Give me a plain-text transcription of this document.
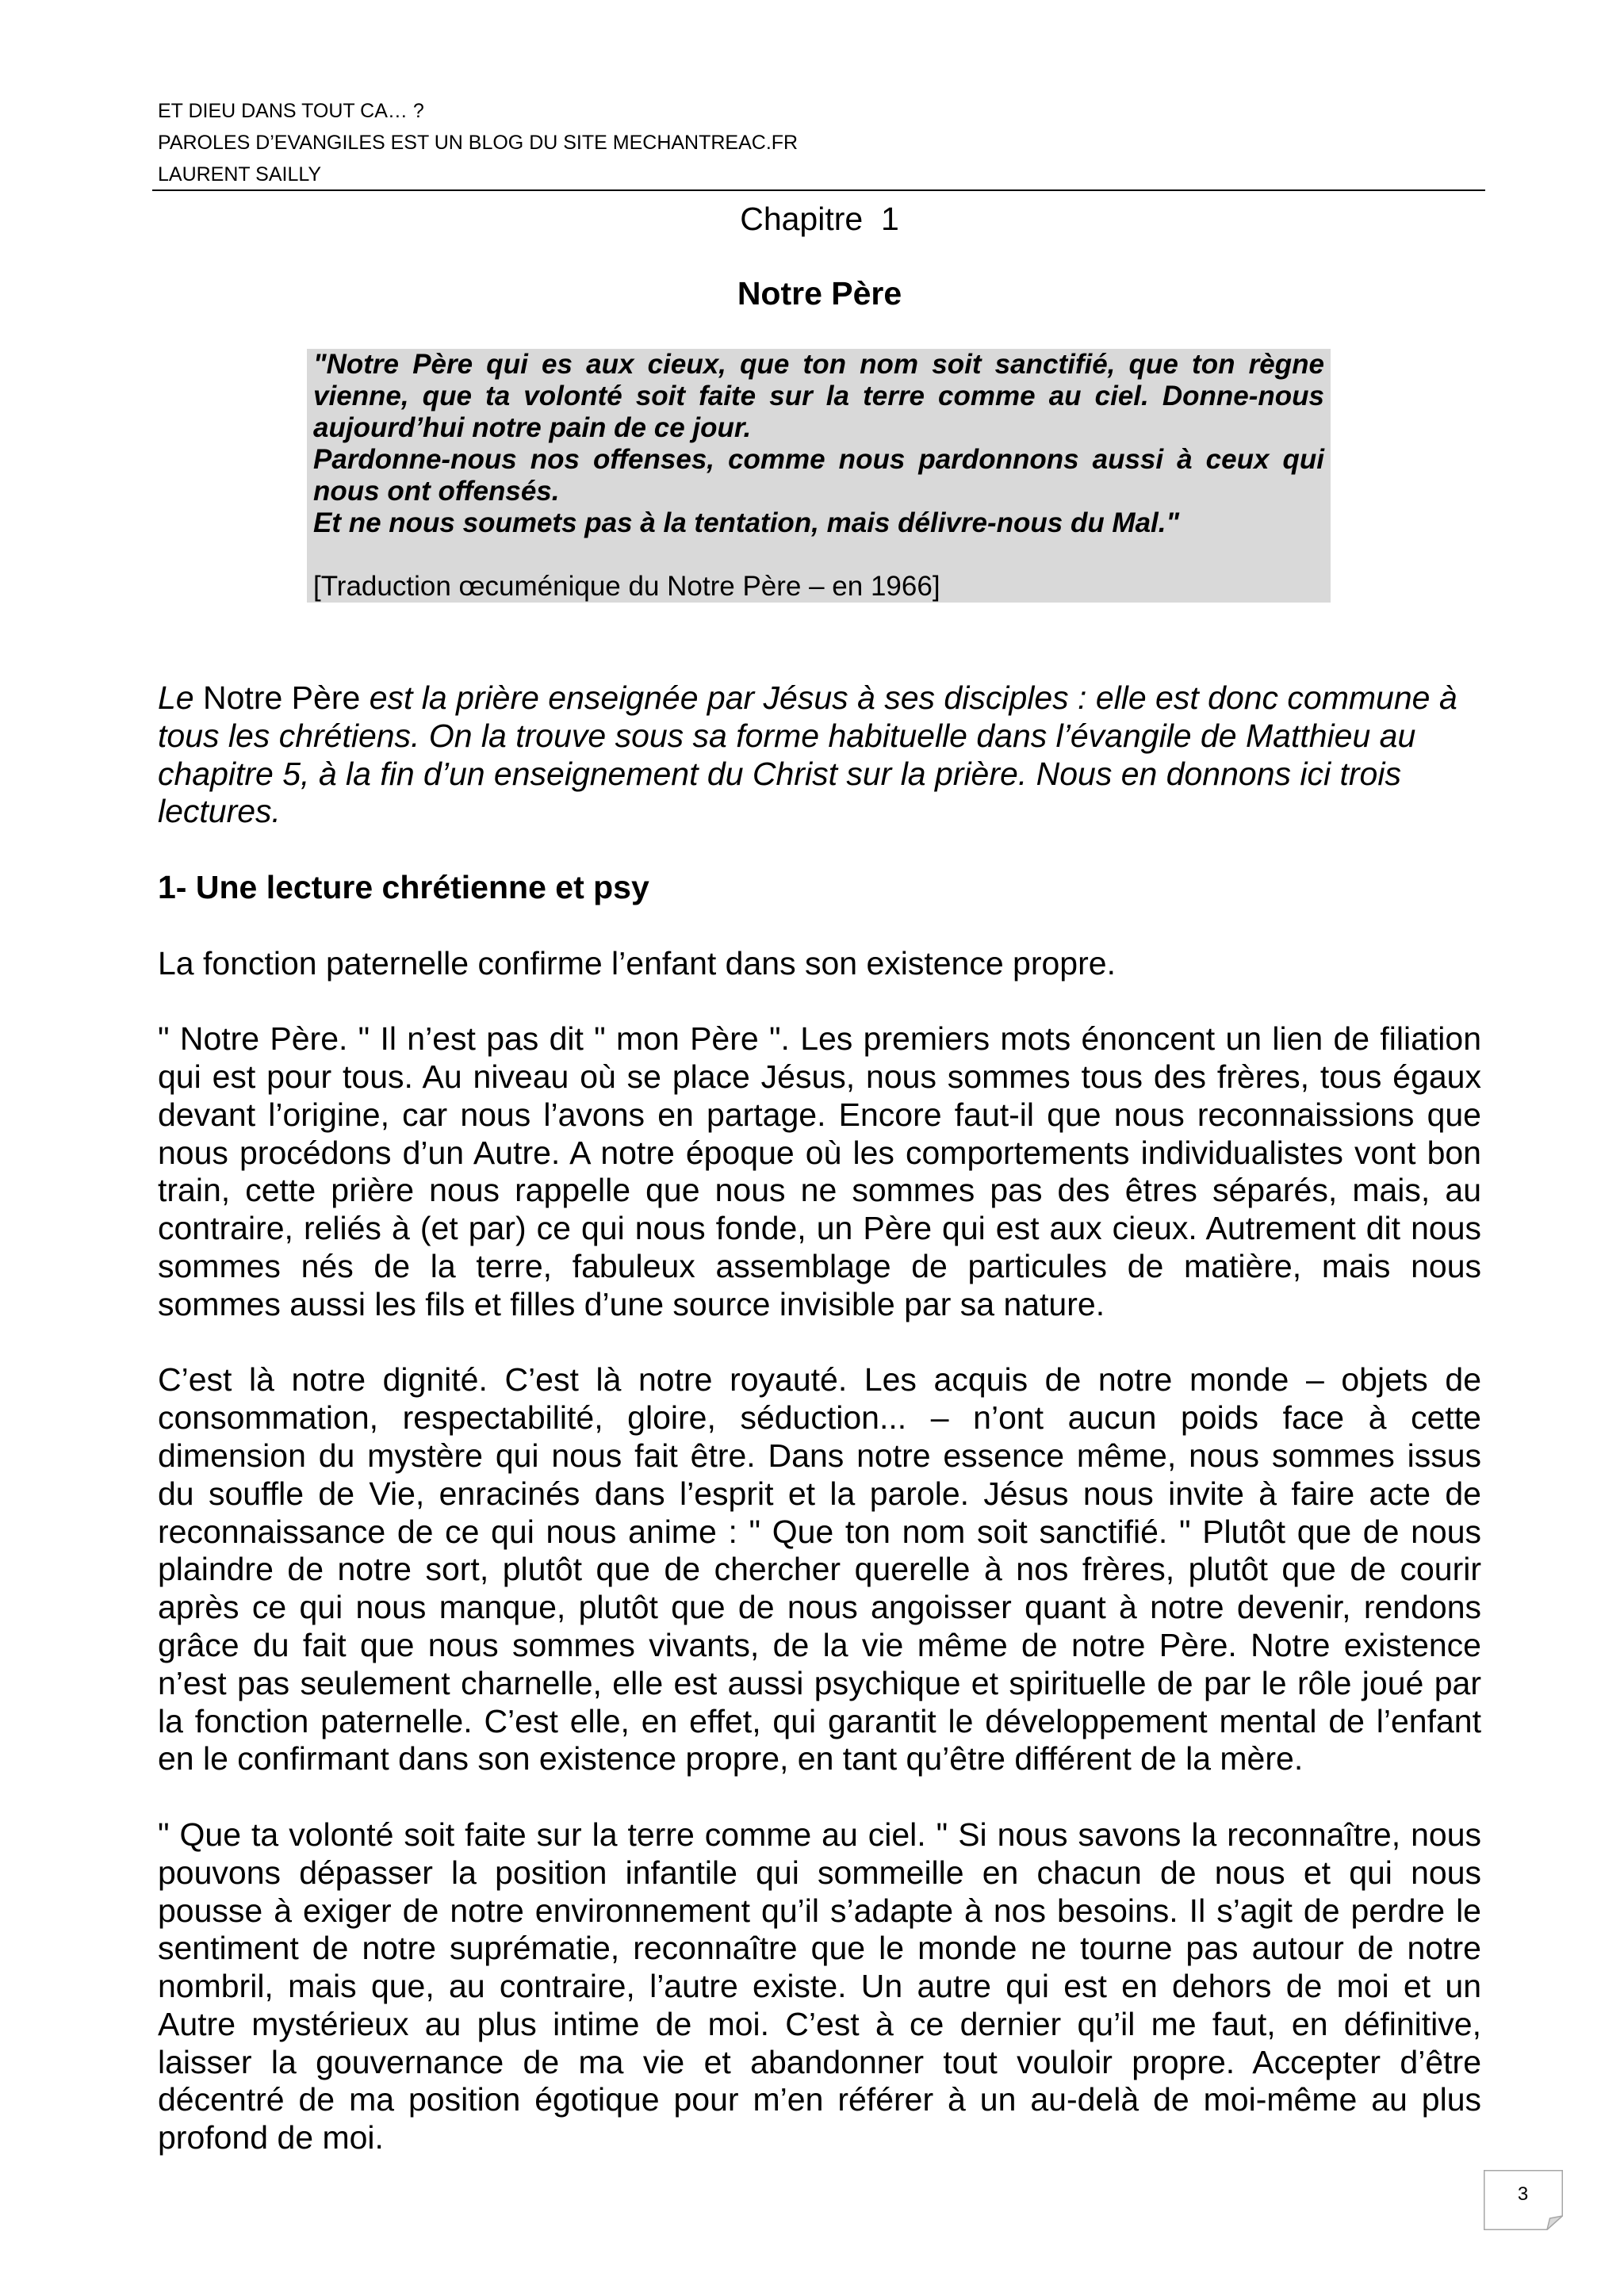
ET DIEU DANS TOUT CA… ?
PAROLES D’EVANGILES EST UN BLOG DU SITE MECHANTREAC.FR
LAURENT SAILLY
Chapitre  1
Notre Père
"Notre Père qui es aux cieux, que ton nom soit sanctifié, que ton règne
vienne, que ta volonté soit faite sur la terre comme au ciel. Donne-nous
aujourd’hui notre pain de ce jour.
Pardonne-nous nos offenses, comme nous pardonnons aussi à ceux qui
nous ont offensés.
Et ne nous soumets pas à la tentation, mais délivre-nous du Mal."
[Traduction œcuménique du Notre Père – en 1966]
Le Notre Père est la prière enseignée par Jésus à ses disciples : elle est donc commune à
tous les chrétiens. On la trouve sous sa forme habituelle dans l’évangile de Matthieu au
chapitre 5, à la fin d’un enseignement du Christ sur la prière. Nous en donnons ici trois
lectures.
1- Une lecture chrétienne et psy
La fonction paternelle confirme l’enfant dans son existence propre.
" Notre Père. " Il n’est pas dit " mon Père ". Les premiers mots énoncent un lien de filiation
qui est pour tous. Au niveau où se place Jésus, nous sommes tous des frères, tous égaux
devant l’origine, car nous l’avons en partage. Encore faut-il que nous reconnaissions que
nous procédons d’un Autre. A notre époque où les comportements individualistes vont bon
train, cette prière nous rappelle que nous ne sommes pas des êtres séparés, mais, au
contraire, reliés à (et par) ce qui nous fonde, un Père qui est aux cieux. Autrement dit nous
sommes nés de la terre, fabuleux assemblage de particules de matière, mais nous
sommes aussi les fils et filles d’une source invisible par sa nature.
C’est là notre dignité. C’est là notre royauté. Les acquis de notre monde – objets de
consommation, respectabilité, gloire, séduction... – n’ont aucun poids face à cette
dimension du mystère qui nous fait être. Dans notre essence même, nous sommes issus
du souffle de Vie, enracinés dans l’esprit et la parole. Jésus nous invite à faire acte de
reconnaissance de ce qui nous anime : " Que ton nom soit sanctifié. " Plutôt que de nous
plaindre de notre sort, plutôt que de chercher querelle à nos frères, plutôt que de courir
après ce qui nous manque, plutôt que de nous angoisser quant à notre devenir, rendons
grâce du fait que nous sommes vivants, de la vie même de notre Père. Notre existence
n’est pas seulement charnelle, elle est aussi psychique et spirituelle de par le rôle joué par
la fonction paternelle. C’est elle, en effet, qui garantit le développement mental de l’enfant
en le confirmant dans son existence propre, en tant qu’être différent de la mère.
" Que ta volonté soit faite sur la terre comme au ciel. " Si nous savons la reconnaître, nous
pouvons dépasser la position infantile qui sommeille en chacun de nous et qui nous
pousse à exiger de notre environnement qu’il s’adapte à nos besoins. Il s’agit de perdre le
sentiment de notre suprématie, reconnaître que le monde ne tourne pas autour de notre
nombril, mais que, au contraire, l’autre existe. Un autre qui est en dehors de moi et un
Autre mystérieux au plus intime de moi. C’est à ce dernier qu’il me faut, en définitive,
laisser la gouvernance de ma vie et abandonner tout vouloir propre. Accepter d’être
décentré de ma position égotique pour m’en référer à un au-delà de moi-même au plus
profond de moi.
3
